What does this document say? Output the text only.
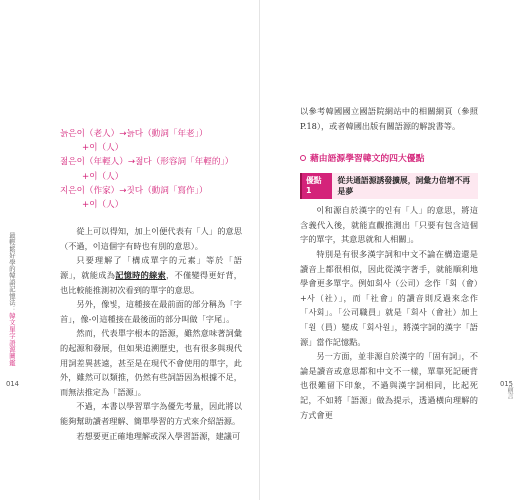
最輕鬆好學的韓語記憶法：韓文單字語源圖鑑
014
前言
015
늙은이（老人）→늙다（動詞「年老」）
+이（人）
젊은이（年輕人）→젊다（形容詞「年輕的」）
+이（人）
지은이（作家）→짓다（動詞「寫作」）
+이（人）

從上可以得知，加上이便代表有「人」的意思（不過，이這個字有時也有別的意思）。

只要理解了「構成單字的元素」等於「語源」，就能成為記憶時的線索，不僅變得更好背，也比較能推測初次看到的單字的意思。

另外，像빛，這種接在最前面的部分稱為「字首」，像-이這種接在最後面的部分叫做「字尾」。

然而，代表單字根本的語源，雖然意味著詞彙的起源和發展，但如果追溯歷史，也有很多與現代用詞差異甚遠，甚至是在現代不會使用的單字，此外，雖然可以類推，仍然有些詞語因為根據不足，而無法推定為「語源」。

不過，本書以學習單字為優先考量，因此將以能夠幫助讀者理解、簡單學習的方式來介紹語源。

若想要更正確地理解或深入學習語源，建議可

以參考韓國國立國語院網站中的相關網頁（參照P.18），或者韓國出版有關語源的解說書等。

藉由語源學習韓文的四大優點
優點 1
從共通語源誘發擴展，詞彙力倍增不再是夢

이和源自於漢字的인有「人」的意思，將這含義代入後，就能直觀推測出「只要有包含這個字的單字，其意思就和人相關」。

特別是有很多漢字詞和中文不論在構造還是讀音上都很相似，因此從漢字著手，就能順利地學會更多單字。例如회사（公司）念作「회（會）+사（社）」，而「社會」的讀音則反過來念作「사회」。「公司職員」就是「회사（會社）加上「원（員）變成「회사원」，將漢字詞的漢字「語源」當作記憶點。

另一方面，並非源自於漢字的「固有詞」，不論是讀音或意思都和中文不一樣，單靠死記硬背也很難留下印象，不過與漢字詞相同，比起死記，不如將「語源」做為提示，透過橫向理解的方式會更
